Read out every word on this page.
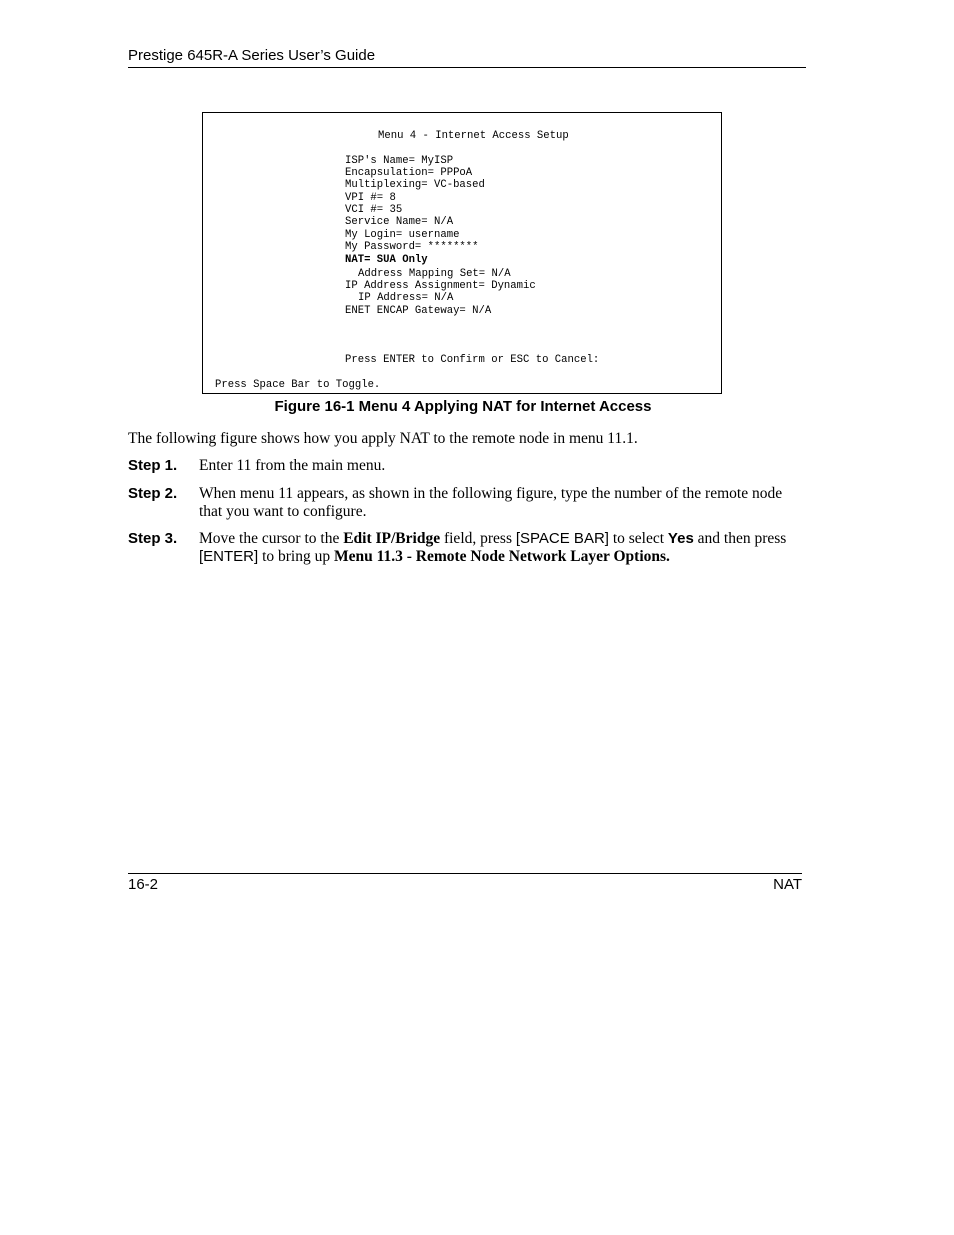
Prestige 645R-A Series User’s Guide
Menu 4 - Internet Access Setup
ISP's Name= MyISP
Encapsulation= PPPoA
Multiplexing= VC-based
VPI #= 8
VCI #= 35
Service Name= N/A
My Login= username
My Password= ********
NAT= SUA Only
Address Mapping Set= N/A
IP Address Assignment= Dynamic
IP Address= N/A
ENET ENCAP Gateway= N/A
Press ENTER to Confirm or ESC to Cancel:
Press Space Bar to Toggle.
Figure 16-1 Menu 4 Applying NAT for Internet Access
The following figure shows how you apply NAT to the remote node in menu 11.1.
Step 1. Enter 11 from the main menu.
Step 2. When menu 11 appears, as shown in the following figure, type the number of the remote node that you want to configure.
Step 3. Move the cursor to the Edit IP/Bridge field, press [SPACE BAR] to select Yes and then press [ENTER] to bring up Menu 11.3 - Remote Node Network Layer Options.
16-2	NAT
